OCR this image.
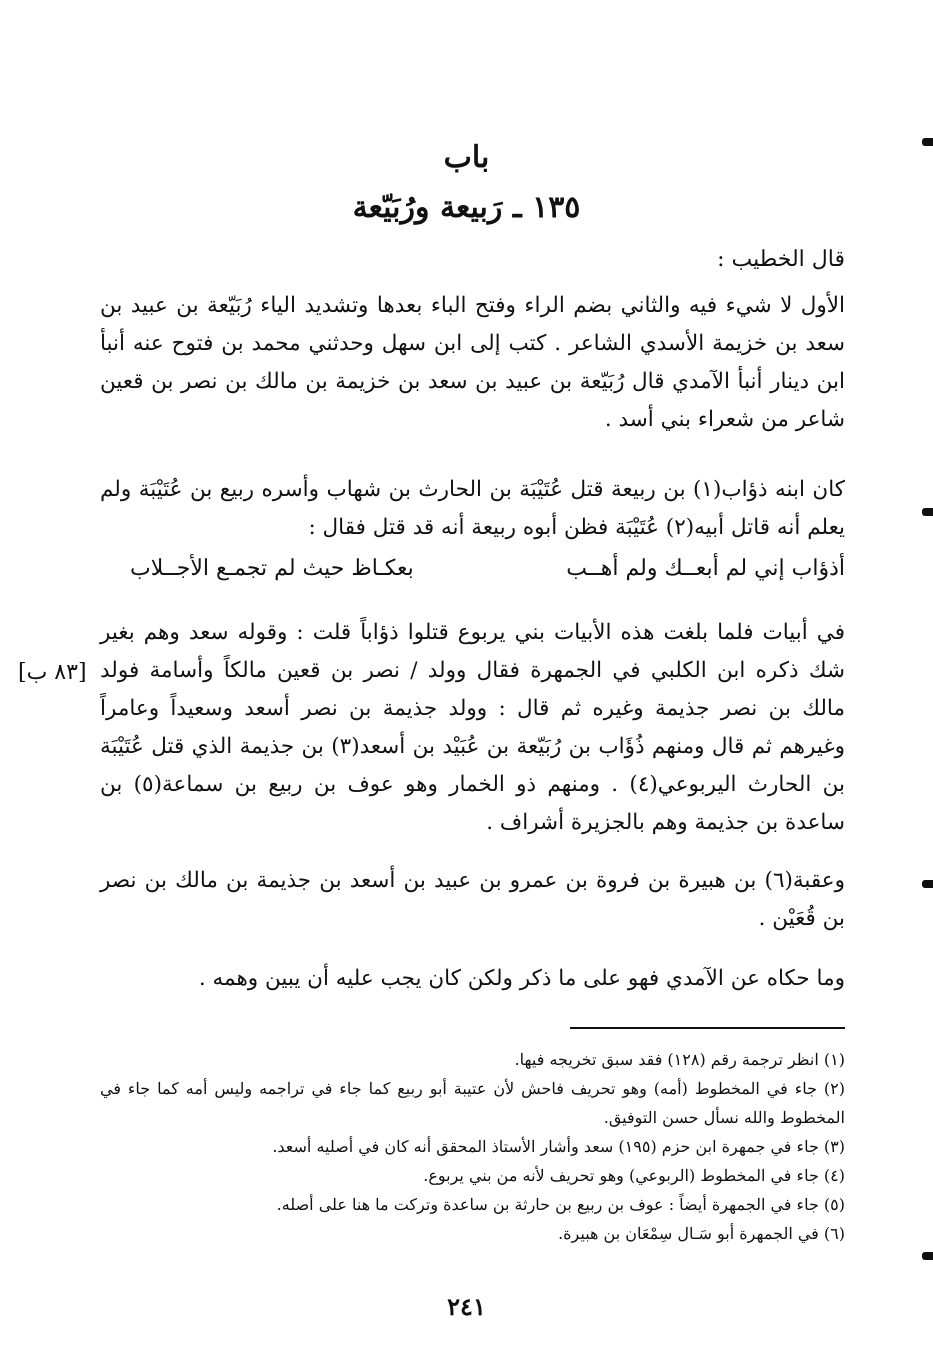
باب
١٣٥ ـ رَبيعة ورُبَيّعة
قال الخطيب :

الأول لا شيء فيه والثاني بضم الراء وفتح الباء بعدها وتشديد الياء رُبَيّعة بن عبيد بن سعد بن خزيمة الأسدي الشاعر . كتب إلى ابن سهل وحدثني محمد بن فتوح عنه أنبأ ابن دينار أنبأ الآمدي قال رُبَيّعة بن عبيد بن سعد بن خزيمة بن مالك بن نصر بن قعين شاعر من شعراء بني أسد .

كان ابنه ذؤاب(١) بن ربيعة قتل عُتَيْبَة بن الحارث بن شهاب وأسره ربيع بن عُتَيْبَة ولم يعلم أنه قاتل أبيه(٢) عُتَيْبَة فظن أبوه ربيعة أنه قد قتل فقال :

أذؤاب إني لم أبعــك ولم أهــب
بعكـاظ حيث لم تجمـع الأجــلاب

في أبيات فلما بلغت هذه الأبيات بني يربوع قتلوا ذؤاباً قلت : وقوله سعد وهم بغير شك ذكره ابن الكلبي في الجمهرة فقال وولد / نصر بن قعين مالكاً وأسامة فولد مالك بن نصر جذيمة وغيره ثم قال : وولد جذيمة بن نصر أسعد وسعيداً وعامراً وغيرهم ثم قال ومنهم ذُؤَاب بن رُبَيّعة بن عُبَيْد بن أسعد(٣) بن جذيمة الذي قتل عُتَيْبَة بن الحارث اليربوعي(٤) . ومنهم ذو الخمار وهو عوف بن ربيع بن سماعة(٥) بن ساعدة بن جذيمة وهم بالجزيرة أشراف .

[٨٣ ب]

وعقبة(٦) بن هبيرة بن فروة بن عمرو بن عبيد بن أسعد بن جذيمة بن مالك بن نصر بن قُعَيْن .

وما حكاه عن الآمدي فهو على ما ذكر ولكن كان يجب عليه أن يبين وهمه .

(١) انظر ترجمة رقم (١٢٨) فقد سبق تخريجه فيها.
(٢) جاء في المخطوط (أمه) وهو تحريف فاحش لأن عتيبة أبو ربيع كما جاء في تراجمه وليس أمه كما جاء في المخطوط والله نسأل حسن التوفيق.
(٣) جاء في جمهرة ابن حزم (١٩٥) سعد وأشار الأستاذ المحقق أنه كان في أصليه أسعد.
(٤) جاء في المخطوط (الربوعي) وهو تحريف لأنه من بني يربوع.
(٥) جاء في الجمهرة أيضاً : عوف بن ربيع بن حارثة بن ساعدة وتركت ما هنا على أصله.
(٦) في الجمهرة أبو سَـال سِمْعَان بن هبيرة.
٢٤١
